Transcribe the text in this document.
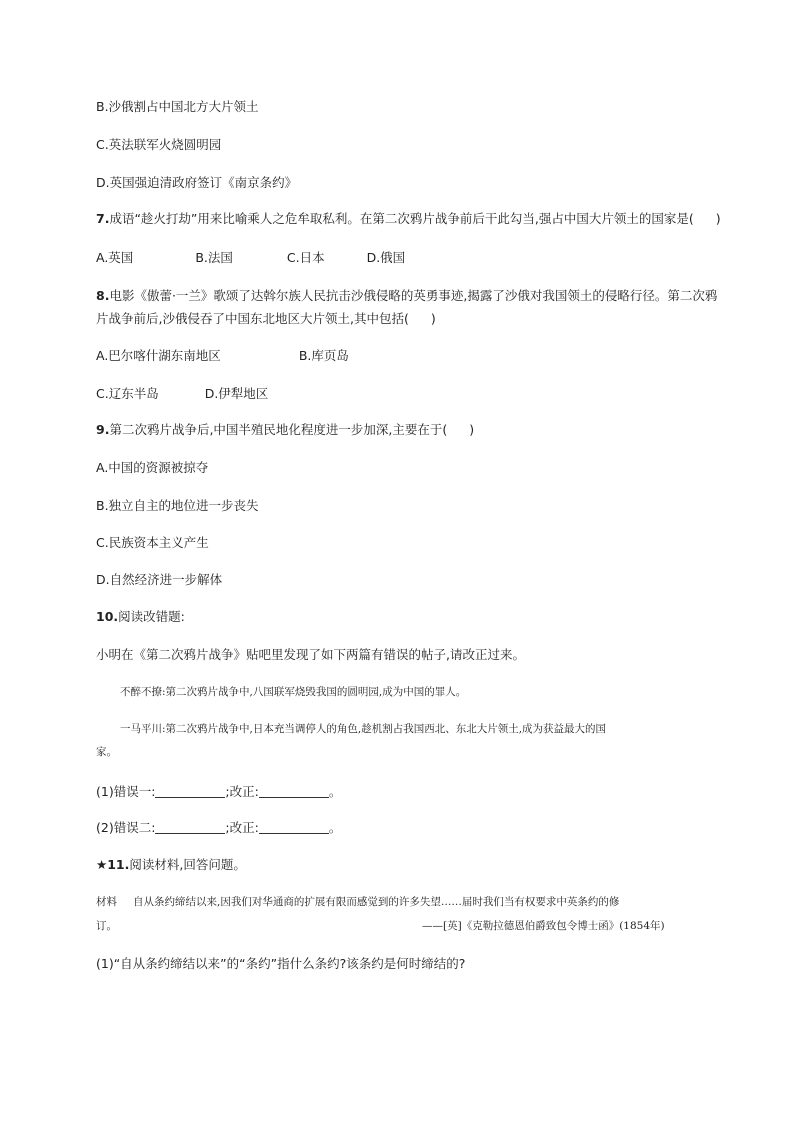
B.沙俄割占中国北方大片领土
C.英法联军火烧圆明园
D.英国强迫清政府签订《南京条约》
7.成语“趁火打劫”用来比喻乘人之危牟取私利。在第二次鸦片战争前后干此勾当,强占中国大片领土的国家是( )
A.英国	B.法国	C.日本	D.俄国
8.电影《傲蕾·一兰》歌颂了达斡尔族人民抗击沙俄侵略的英勇事迹,揭露了沙俄对我国领土的侵略行径。第二次鸦
片战争前后,沙俄侵吞了中国东北地区大片领土,其中包括( )
A.巴尔喀什湖东南地区	B.库页岛
C.辽东半岛	D.伊犁地区
9.第二次鸦片战争后,中国半殖民地化程度进一步加深,主要在于( )
A.中国的资源被掠夺
B.独立自主的地位进一步丧失
C.民族资本主义产生
D.自然经济进一步解体
10.阅读改错题:
小明在《第二次鸦片战争》贴吧里发现了如下两篇有错误的帖子,请改正过来。
不醉不撩:第二次鸦片战争中,八国联军烧毁我国的圆明园,成为中国的罪人。
一马平川:第二次鸦片战争中,日本充当调停人的角色,趁机割占我国西北、东北大片领土,成为获益最大的国
家。
(1)错误一:	;改正:	。
(2)错误二:	;改正:	。
★11.阅读材料,回答问题。
材料 自从条约缔结以来,因我们对华通商的扩展有限而感觉到的许多失望……届时我们当有权要求中英条约的修
订。	——[英]《克勒拉德恩伯爵致包令博士函》(1854年)
(1)“自从条约缔结以来”的“条约”指什么条约?该条约是何时缔结的?
